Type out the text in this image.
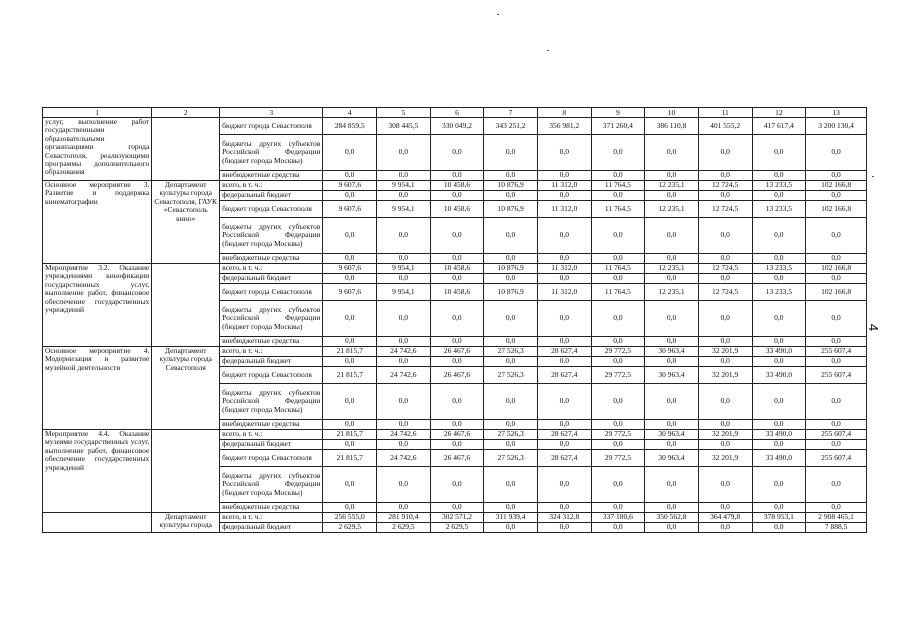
1	2	3	4	5	6	7	8	9	10	11	12	13
услуг, выполнение работ государственными образовательными организациями города Севастополя, реализующими программы дополнительного образования		бюджет города Севастополя	284 859,5	308 445,5	330 049,2	343 251,2	356 981,2	371 260,4	386 110,8	401 555,2	417 617,4	3 200 130,4
		бюджеты других субъектов Российской Федерации (бюджет города Москвы)	0,0	0,0	0,0	0,0	0,0	0,0	0,0	0,0	0,0	0,0
		внебюджетные средства	0,0	0,0	0,0	0,0	0,0	0,0	0,0	0,0	0,0	0,0
Основное мероприятие 3. Развитие и поддержка кинематографии	Департамент культуры города Севастополя, ГАУК «Севастополь кино»	всего, в т. ч.:	9 607,6	9 954,1	10 458,6	10 876,9	11 312,0	11 764,5	12 235,1	12 724,5	13 233,5	102 166,8
		федеральный бюджет	0,0	0,0	0,0	0,0	0,0	0,0	0,0	0,0	0,0	0,0
		бюджет города Севастополя	9 607,6	9 954,1	10 458,6	10 876,9	11 312,0	11 764,5	12 235,1	12 724,5	13 233,5	102 166,8
		бюджеты других субъектов Российской Федерации (бюджет города Москвы)	0,0	0,0	0,0	0,0	0,0	0,0	0,0	0,0	0,0	0,0
		внебюджетные средства	0,0	0,0	0,0	0,0	0,0	0,0	0,0	0,0	0,0	0,0
Мероприятие 3.2. Оказание учреждениями кинофикации государственных услуг, выполнение работ, финансовое обеспечение государственных учреждений		всего, в т. ч.:	9 607,6	9 954,1	10 458,6	10 876,9	11 312,0	11 764,5	12 235,1	12 724,5	13 233,5	102 166,8
		федеральный бюджет	0,0	0,0	0,0	0,0	0,0	0,0	0,0	0,0	0,0	0,0
		бюджет города Севастополя	9 607,6	9 954,1	10 458,6	10 876,9	11 312,0	11 764,5	12 235,1	12 724,5	13 233,5	102 166,8
		бюджеты других субъектов Российской Федерации (бюджет города Москвы)	0,0	0,0	0,0	0,0	0,0	0,0	0,0	0,0	0,0	0,0
		внебюджетные средства	0,0	0,0	0,0	0,0	0,0	0,0	0,0	0,0	0,0	0,0
Основное мероприятие 4. Модернизация и развитие музейной деятельности	Департамент культуры города Севастополя	всего, в т. ч.:	21 815,7	24 742,6	26 467,6	27 526,3	28 627,4	29 772,5	30 963,4	32 201,9	33 490,0	255 607,4
		федеральный бюджет	0,0	0,0	0,0	0,0	0,0	0,0	0,0	0,0	0,0	0,0
		бюджет города Севастополя	21 815,7	24 742,6	26 467,6	27 526,3	28 627,4	29 772,5	30 963,4	32 201,9	33 490,0	255 607,4
		бюджеты других субъектов Российской Федерации (бюджет города Москвы)	0,0	0,0	0,0	0,0	0,0	0,0	0,0	0,0	0,0	0,0
		внебюджетные средства	0,0	0,0	0,0	0,0	0,0	0,0	0,0	0,0	0,0	0,0
Мероприятие 4.4. Оказание музеями государственных услуг, выполнение работ, финансовое обеспечение государственных учреждений		всего, в т. ч.:	21 815,7	24 742,6	26 467,6	27 526,3	28 627,4	29 772,5	30 963,4	32 201,9	33 490,0	255 607,4
		федеральный бюджет	0,0	0,0	0,0	0,0	0,0	0,0	0,0	0,0	0,0	0,0
		бюджет города Севастополя	21 815,7	24 742,6	26 467,6	27 526,3	28 627,4	29 772,5	30 963,4	32 201,9	33 490,0	255 607,4
		бюджеты других субъектов Российской Федерации (бюджет города Москвы)	0,0	0,0	0,0	0,0	0,0	0,0	0,0	0,0	0,0	0,0
		внебюджетные средства	0,0	0,0	0,0	0,0	0,0	0,0	0,0	0,0	0,0	0,0
	Департамент культуры города	всего, в т. ч.:	256 555,0	281 910,4	302 571,2	311 939,4	324 312,8	337 180,6	350 562,8	364 479,8	378 953,1	2 908 465,1
		федеральный бюджет	2 629,5	2 629,5	2 629,5	0,0	0,0	0,0	0,0	0,0	0,0	7 888,5
4
